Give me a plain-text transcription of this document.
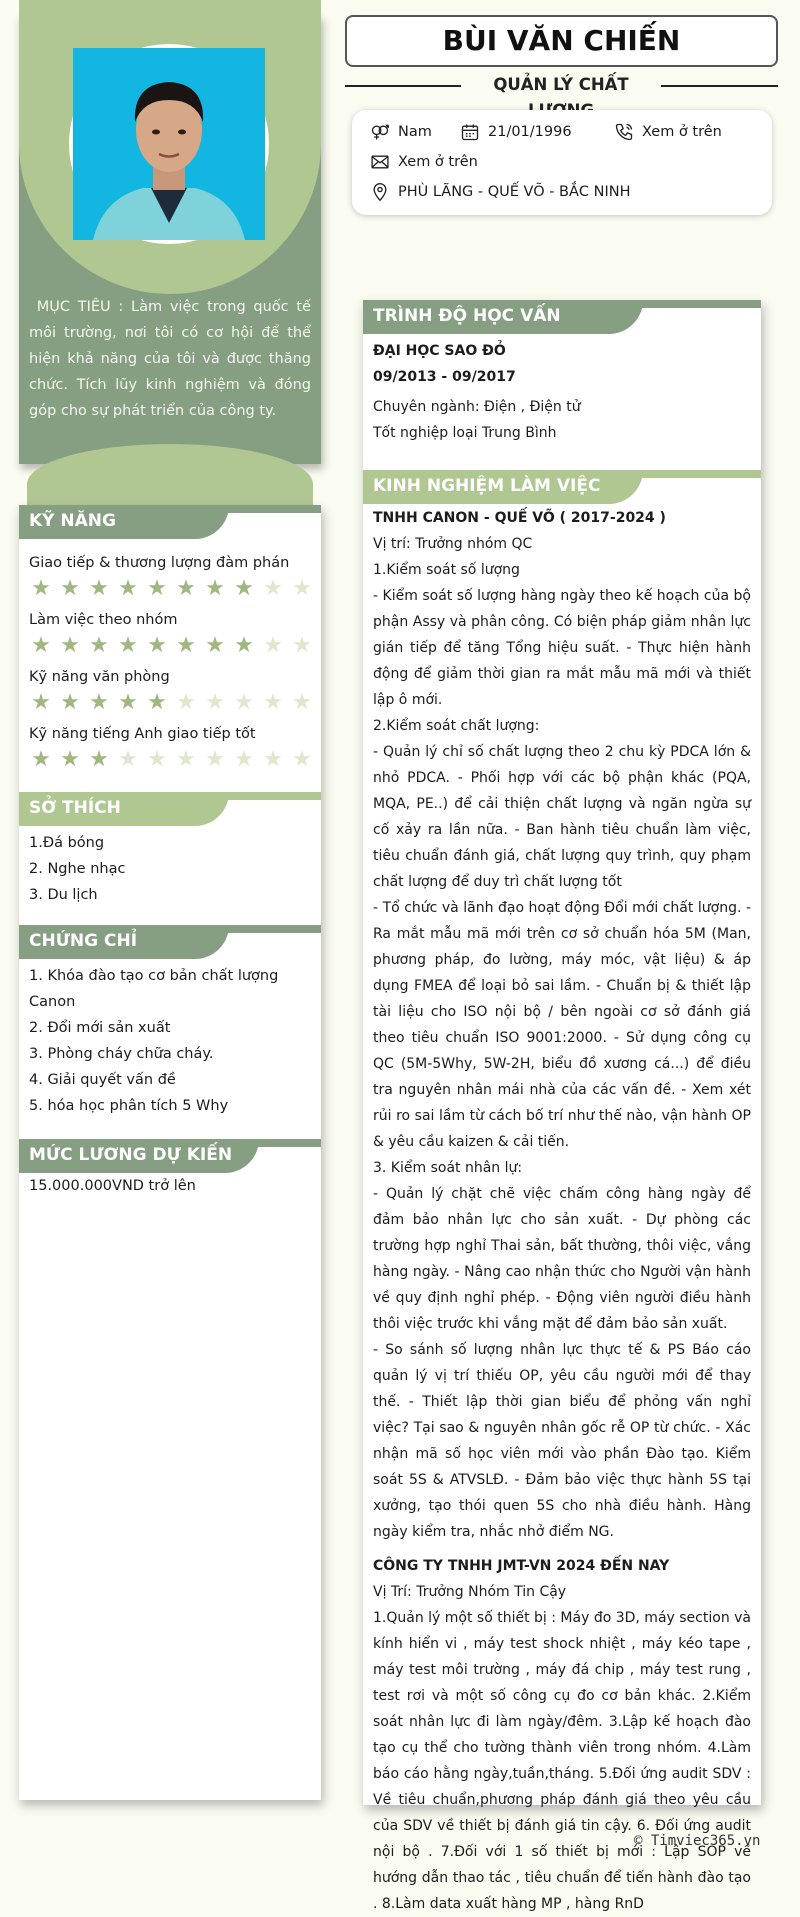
MỤC TIÊU : Làm việc trong quốc tế môi trường, nơi tôi có cơ hội để thể hiện khả năng của tôi và được thăng chức. Tích lũy kinh nghiệm và đóng góp cho sự phát triển của công ty.
KỸ NĂNG
Giao tiếp & thương lượng đàm phán
★ ★ ★ ★ ★ ★ ★ ★ ★ ★
Làm việc theo nhóm
★ ★ ★ ★ ★ ★ ★ ★ ★ ★
Kỹ năng văn phòng
★ ★ ★ ★ ★ ★ ★ ★ ★ ★
Kỹ năng tiếng Anh giao tiếp tốt
★ ★ ★ ★ ★ ★ ★ ★ ★ ★
SỞ THÍCH
1.Đá bóng
2. Nghe nhạc
3. Du lịch
CHỨNG CHỈ
1. Khóa đào tạo cơ bản chất lượng Canon
2. Đổi mới sản xuất
3. Phòng cháy chữa cháy.
4. Giải quyết vấn đề
5. hóa học phân tích 5 Why
MỨC LƯƠNG DỰ KIẾN
15.000.000VND trở lên
BÙI VĂN CHIẾN
QUẢN LÝ CHẤT
Nam	21/01/1996	Xem ở trên
Xem ở trên
PHÙ LÃNG - QUẾ VÕ - BẮC NINH
TRÌNH ĐỘ HỌC VẤN

ĐẠI HỌC SAO ĐỎ

09/2013 - 09/2017

Chuyên ngành: Điện , Điện tử

Tốt nghiệp loại Trung Bình

KINH NGHIỆM LÀM VIỆC

TNHH CANON - QUẾ VÕ ( 2017-2024 )

Vị trí: Trưởng nhóm QC

1.Kiểm soát số lượng

- Kiểm soát số lượng hàng ngày theo kế hoạch của bộ phận Assy và phân công. Có biện pháp giảm nhân lực gián tiếp để tăng Tổng hiệu suất. - Thực hiện hành động để giảm thời gian ra mắt mẫu mã mới và thiết lập ô mới.

2.Kiểm soát chất lượng:

- Quản lý chỉ số chất lượng theo 2 chu kỳ PDCA lớn & nhỏ PDCA. - Phối hợp với các bộ phận khác (PQA, MQA, PE..) để cải thiện chất lượng và ngăn ngừa sự cố xảy ra lần nữa. - Ban hành tiêu chuẩn làm việc, tiêu chuẩn đánh giá, chất lượng quy trình, quy phạm chất lượng để duy trì chất lượng tốt

- Tổ chức và lãnh đạo hoạt động Đổi mới chất lượng. - Ra mắt mẫu mã mới trên cơ sở chuẩn hóa 5M (Man, phương pháp, đo lường, máy móc, vật liệu) & áp dụng FMEA để loại bỏ sai lầm. - Chuẩn bị & thiết lập tài liệu cho ISO nội bộ / bên ngoài cơ sở đánh giá theo tiêu chuẩn ISO 9001:2000. - Sử dụng công cụ QC (5M-5Why, 5W-2H, biểu đồ xương cá...) để điều tra nguyên nhân mái nhà của các vấn đề. - Xem xét rủi ro sai lầm từ cách bố trí như thế nào, vận hành OP & yêu cầu kaizen & cải tiến.

3. Kiểm soát nhân lự:

- Quản lý chặt chẽ việc chấm công hàng ngày để đảm bảo nhân lực cho sản xuất. - Dự phòng các trường hợp nghỉ Thai sản, bất thường, thôi việc, vắng hàng ngày. - Nâng cao nhận thức cho Người vận hành về quy định nghỉ phép. - Động viên người điều hành thôi việc trước khi vắng mặt để đảm bảo sản xuất.

- So sánh số lượng nhân lực thực tế & PS Báo cáo quản lý vị trí thiếu OP, yêu cầu người mới để thay thế. - Thiết lập thời gian biểu để phỏng vấn nghỉ việc? Tại sao & nguyên nhân gốc rễ OP từ chức. - Xác nhận mã số học viên mới vào phần Đào tạo. Kiểm soát 5S & ATVSLĐ. - Đảm bảo việc thực hành 5S tại xưởng, tạo thói quen 5S cho nhà điều hành. Hàng ngày kiểm tra, nhắc nhở điểm NG.

CÔNG TY TNHH JMT-VN 2024 ĐẾN NAY

Vị Trí: Trưởng Nhóm Tin Cậy

1.Quản lý một số thiết bị : Máy đo 3D, máy section và kính hiển vi , máy test shock nhiệt , máy kéo tape , máy test môi trường , máy đá chip , máy test rung , test rơi và một số công cụ đo cơ bản khác. 2.Kiểm soát nhân lực đi làm ngày/đêm. 3.Lập kế hoạch đào tạo cụ thể cho tường thành viên trong nhóm. 4.Làm báo cáo hằng ngày,tuần,tháng. 5.Đối ứng audit SDV : Về tiêu chuẩn,phương pháp đánh giá theo yêu cầu của SDV về thiết bị đánh giá tin cậy. 6. Đối ứng audit nội bộ . 7.Đối với 1 số thiết bị mới : Lập SOP về hướng dẫn thao tác , tiêu chuẩn để tiến hành đào tạo . 8.Làm data xuất hàng MP , hàng RnD

© Timviec365.vn
